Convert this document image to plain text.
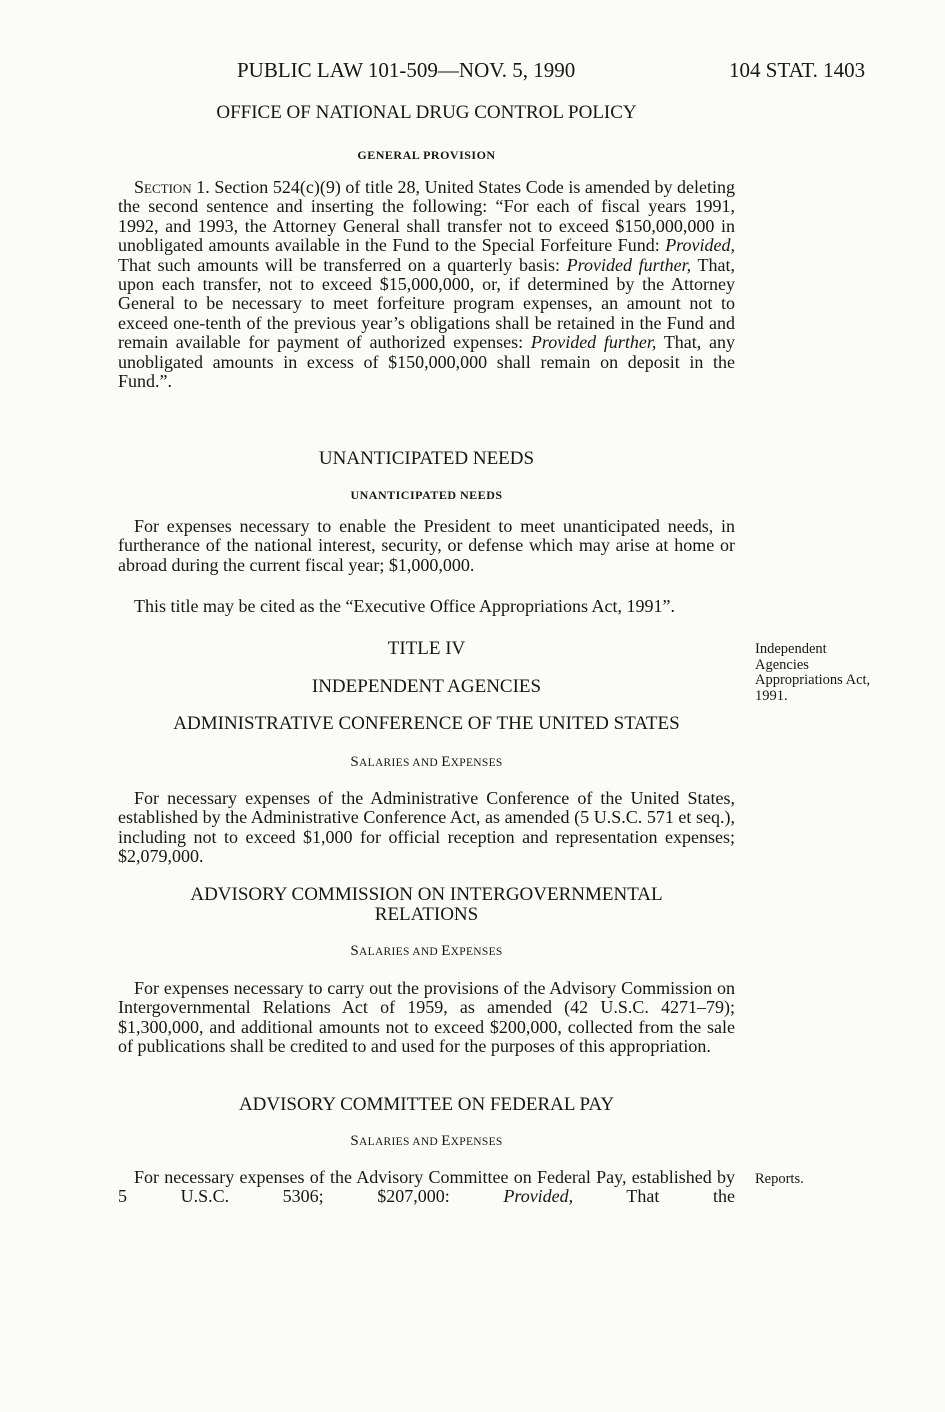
PUBLIC LAW 101-509—NOV. 5, 1990	104 STAT. 1403
OFFICE OF NATIONAL DRUG CONTROL POLICY
GENERAL PROVISION

Section 1. Section 524(c)(9) of title 28, United States Code is amended by deleting the second sentence and inserting the following: “For each of fiscal years 1991, 1992, and 1993, the Attorney General shall transfer not to exceed $150,000,000 in unobligated amounts available in the Fund to the Special Forfeiture Fund: Provided, That such amounts will be transferred on a quarterly basis: Provided further, That, upon each transfer, not to exceed $15,000,000, or, if determined by the Attorney General to be necessary to meet forfeiture program expenses, an amount not to exceed one-tenth of the previous year’s obligations shall be retained in the Fund and remain available for payment of authorized expenses: Provided further, That, any unobligated amounts in excess of $150,000,000 shall remain on deposit in the Fund.”.

UNANTICIPATED NEEDS
UNANTICIPATED NEEDS

For expenses necessary to enable the President to meet unanticipated needs, in furtherance of the national interest, security, or defense which may arise at home or abroad during the current fiscal year; $1,000,000.

This title may be cited as the “Executive Office Appropriations Act, 1991”.

TITLE IV
INDEPENDENT AGENCIES
Independent Agencies Appropriations Act, 1991.
ADMINISTRATIVE CONFERENCE OF THE UNITED STATES
SALARIES AND EXPENSES

For necessary expenses of the Administrative Conference of the United States, established by the Administrative Conference Act, as amended (5 U.S.C. 571 et seq.), including not to exceed $1,000 for official reception and representation expenses; $2,079,000.

ADVISORY COMMISSION ON INTERGOVERNMENTAL
RELATIONS
SALARIES AND EXPENSES

For expenses necessary to carry out the provisions of the Advisory Commission on Intergovernmental Relations Act of 1959, as amended (42 U.S.C. 4271–79); $1,300,000, and additional amounts not to exceed $200,000, collected from the sale of publications shall be credited to and used for the purposes of this appropriation.

ADVISORY COMMITTEE ON FEDERAL PAY
SALARIES AND EXPENSES

For necessary expenses of the Advisory Committee on Federal Pay, established by 5 U.S.C. 5306; $207,000: Provided, That the

Reports.
